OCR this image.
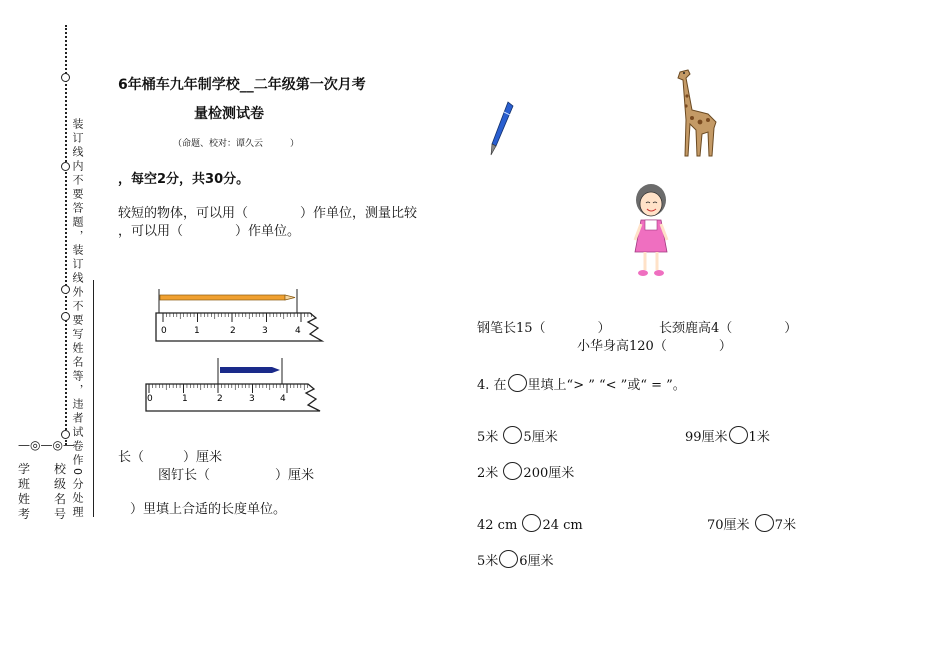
装订线内不要答题，装订线外不要写姓名等，违者试卷作0分处理
—◎—◎—
学　　校
班　　级
姓　　名
考　　号
6年桶车九年制学校__二年级第一次月考
量检测试卷
（命题、校对：谭久云　　　）
，每空2分，共30分。
较短的物体，可以用（　　　　）作单位，测量比较
，可以用（　　　　）作单位。
0	1	2	3	4
0	1	2	3	4
长（　　　）厘米
图钉长（　　　　　）厘米
）里填上合适的长度单位。
钢笔长15（　　　　）	长颈鹿高4（　　　　）
小华身高120（　　　　）
4. 在 里填上“> ” “< ”或“ = ”。
5米 5厘米	99厘米 1米
2米 200厘米
42 cm 24 cm	70厘米 7米
5米 6厘米
